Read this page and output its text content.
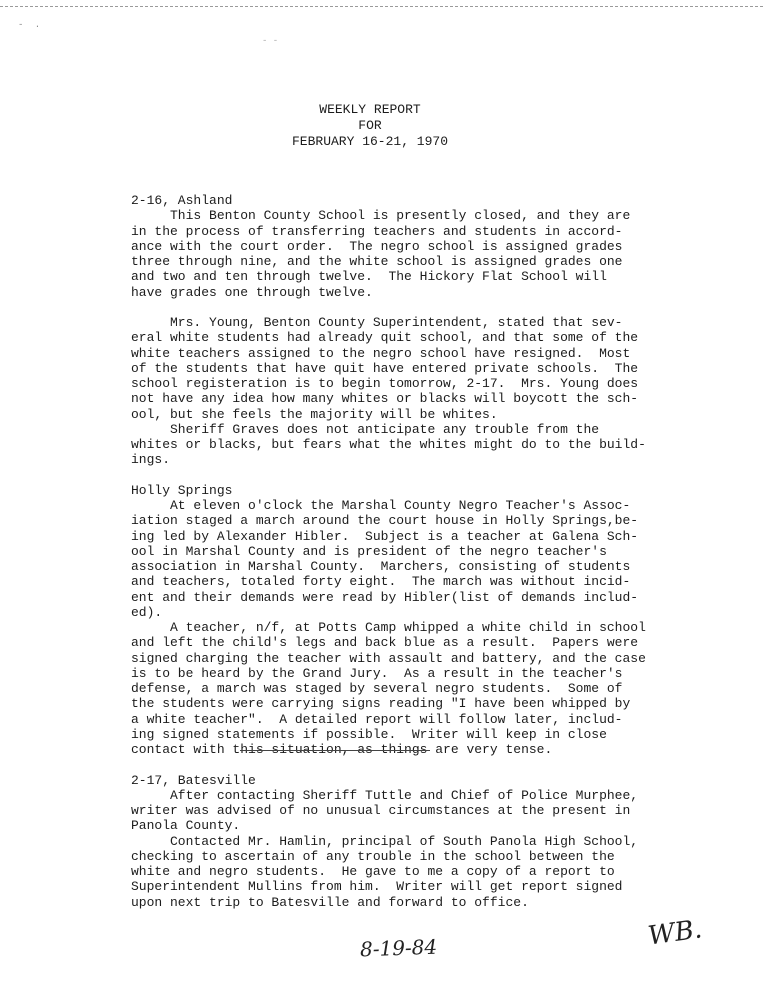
‐ .
- -
WEEKLY REPORT
FOR
FEBRUARY 16-21, 1970
2-16, Ashland
This Benton County School is presently closed, and they are
in the process of transferring teachers and students in accord-
ance with the court order.  The negro school is assigned grades
three through nine, and the white school is assigned grades one
and two and ten through twelve.  The Hickory Flat School will
have grades one through twelve.
Mrs. Young, Benton County Superintendent, stated that sev-
eral white students had already quit school, and that some of the
white teachers assigned to the negro school have resigned.  Most
of the students that have quit have entered private schools.  The
school registeration is to begin tomorrow, 2-17.  Mrs. Young does
not have any idea how many whites or blacks will boycott the sch-
ool, but she feels the majority will be whites.
Sheriff Graves does not anticipate any trouble from the
whites or blacks, but fears what the whites might do to the build-
ings.
Holly Springs
At eleven o'clock the Marshal County Negro Teacher's Assoc-
iation staged a march around the court house in Holly Springs,be-
ing led by Alexander Hibler.  Subject is a teacher at Galena Sch-
ool in Marshal County and is president of the negro teacher's
association in Marshal County.  Marchers, consisting of students
and teachers, totaled forty eight.  The march was without incid-
ent and their demands were read by Hibler(list of demands includ-
ed).
A teacher, n/f, at Potts Camp whipped a white child in school
and left the child's legs and back blue as a result.  Papers were
signed charging the teacher with assault and battery, and the case
is to be heard by the Grand Jury.  As a result in the teacher's
defense, a march was staged by several negro students.  Some of
the students were carrying signs reading "I have been whipped by
a white teacher".  A detailed report will follow later, includ-
ing signed statements if possible.  Writer will keep in close
contact with this situation, as things are very tense.
2-17, Batesville
After contacting Sheriff Tuttle and Chief of Police Murphee,
writer was advised of no unusual circumstances at the present in
Panola County.
Contacted Mr. Hamlin, principal of South Panola High School,
checking to ascertain of any trouble in the school between the
white and negro students.  He gave to me a copy of a report to
Superintendent Mullins from him.  Writer will get report signed
upon next trip to Batesville and forward to office.
8-19-84	WB.
